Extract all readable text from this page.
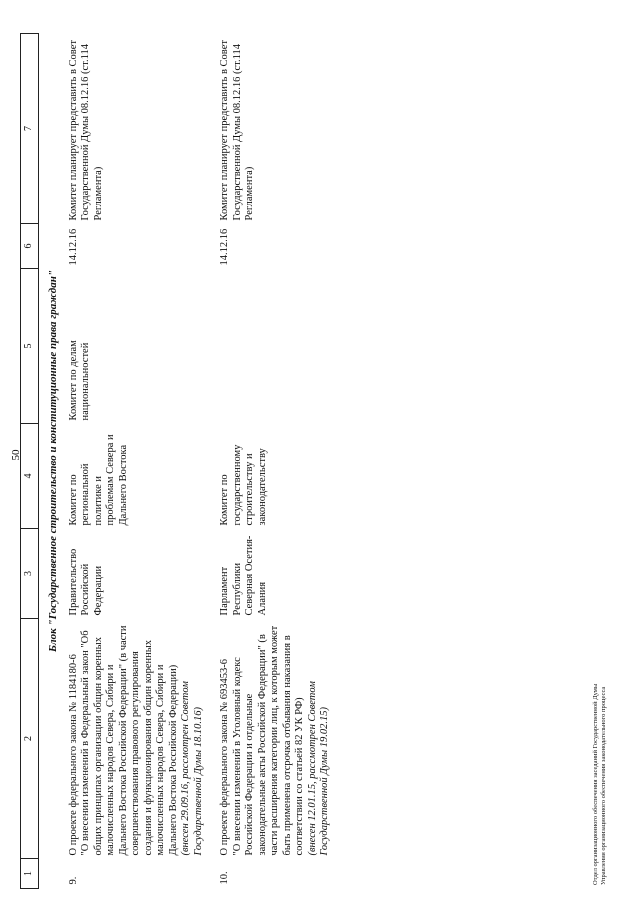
50
1	2	3	4	5	6	7
Блок "Государственное строительство и конституционные права граждан"						
9.	О проекте федерального закона № 1184180-6 "О внесении изменений в Федеральный закон "Об общих принципах организации общин коренных малочисленных народов Севера, Сибири и Дальнего Востока Российской Федерации" (в части совершенствования правового регулирования создания и функционирования общин коренных малочисленных народов Севера, Сибири и Дальнего Востока Российской Федерации) (внесен 29.09.16, рассмотрен Советом Государственной Думы 18.10.16)	Правительство Российской Федерации	Комитет по региональной политике и проблемам Севера и Дальнего Востока	Комитет по делам национальностей	14.12.16	Комитет планирует представить в Совет Государственной Думы 08.12.16 (ст.114 Регламента)

10.	О проекте федерального закона № 693453-6 "О внесении изменений в Уголовный кодекс Российской Федерации и отдельные законодательные акты Российской Федерации" (в части расширения категории лиц, к которым может быть применена отсрочка отбывания наказания в соответствии со статьей 82 УК РФ) (внесен 12.01.15, рассмотрен Советом Государственной Думы 19.02.15)	Парламент Республики Северная Осетия-Алания	Комитет по государственному строительству и законодательству		14.12.16	Комитет планирует представить в Совет Государственной Думы 08.12.16 (ст.114 Регламента)
Отдел организационного обеспечения заседаний Государственной Думы Управления организационного обеспечения законодательного процесса
